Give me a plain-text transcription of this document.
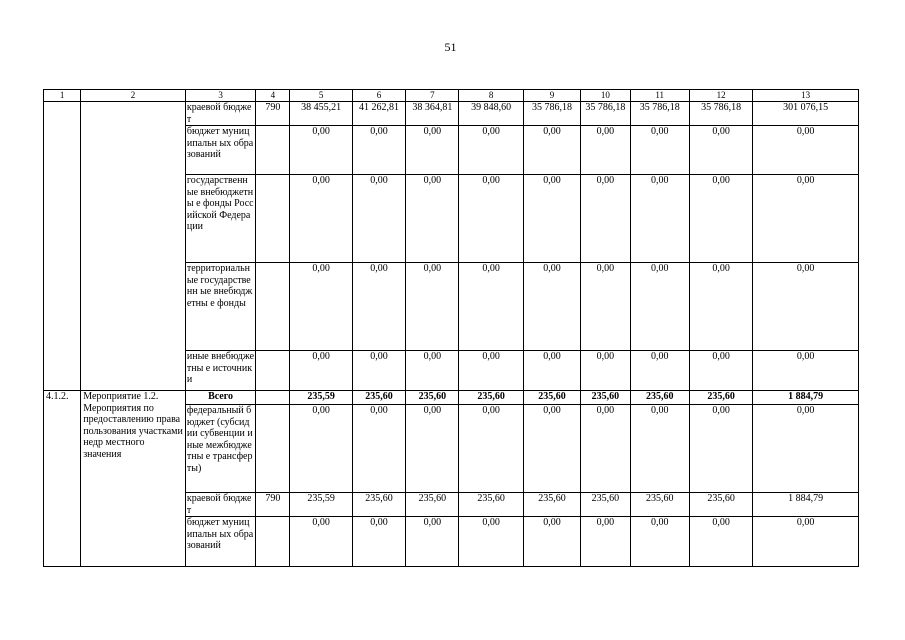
51
1	2	3	4	5	6	7	8	9	10	11	12	13
		краевой бюджет	790	38 455,21	41 262,81	38 364,81	39 848,60	35 786,18	35 786,18	35 786,18	35 786,18	301 076,15
		бюджет муниципальн ых образований		0,00	0,00	0,00	0,00	0,00	0,00	0,00	0,00	0,00
		государственн ые внебюджетны е фонды Российской Федерации		0,00	0,00	0,00	0,00	0,00	0,00	0,00	0,00	0,00
		территориальн ые государственн ые внебюджетны е фонды		0,00	0,00	0,00	0,00	0,00	0,00	0,00	0,00	0,00
		иные внебюджетны е источники		0,00	0,00	0,00	0,00	0,00	0,00	0,00	0,00	0,00
4.1.2.	Мероприятие 1.2. Мероприятия по предоставлению права пользования участками недр местного значения	Всего		235,59	235,60	235,60	235,60	235,60	235,60	235,60	235,60	1 884,79
		федеральный бюджет (субсидии субвенции иные межбюджетны е трансферты)		0,00	0,00	0,00	0,00	0,00	0,00	0,00	0,00	0,00
		краевой бюджет	790	235,59	235,60	235,60	235,60	235,60	235,60	235,60	235,60	1 884,79
		бюджет муниципальн ых образований		0,00	0,00	0,00	0,00	0,00	0,00	0,00	0,00	0,00
